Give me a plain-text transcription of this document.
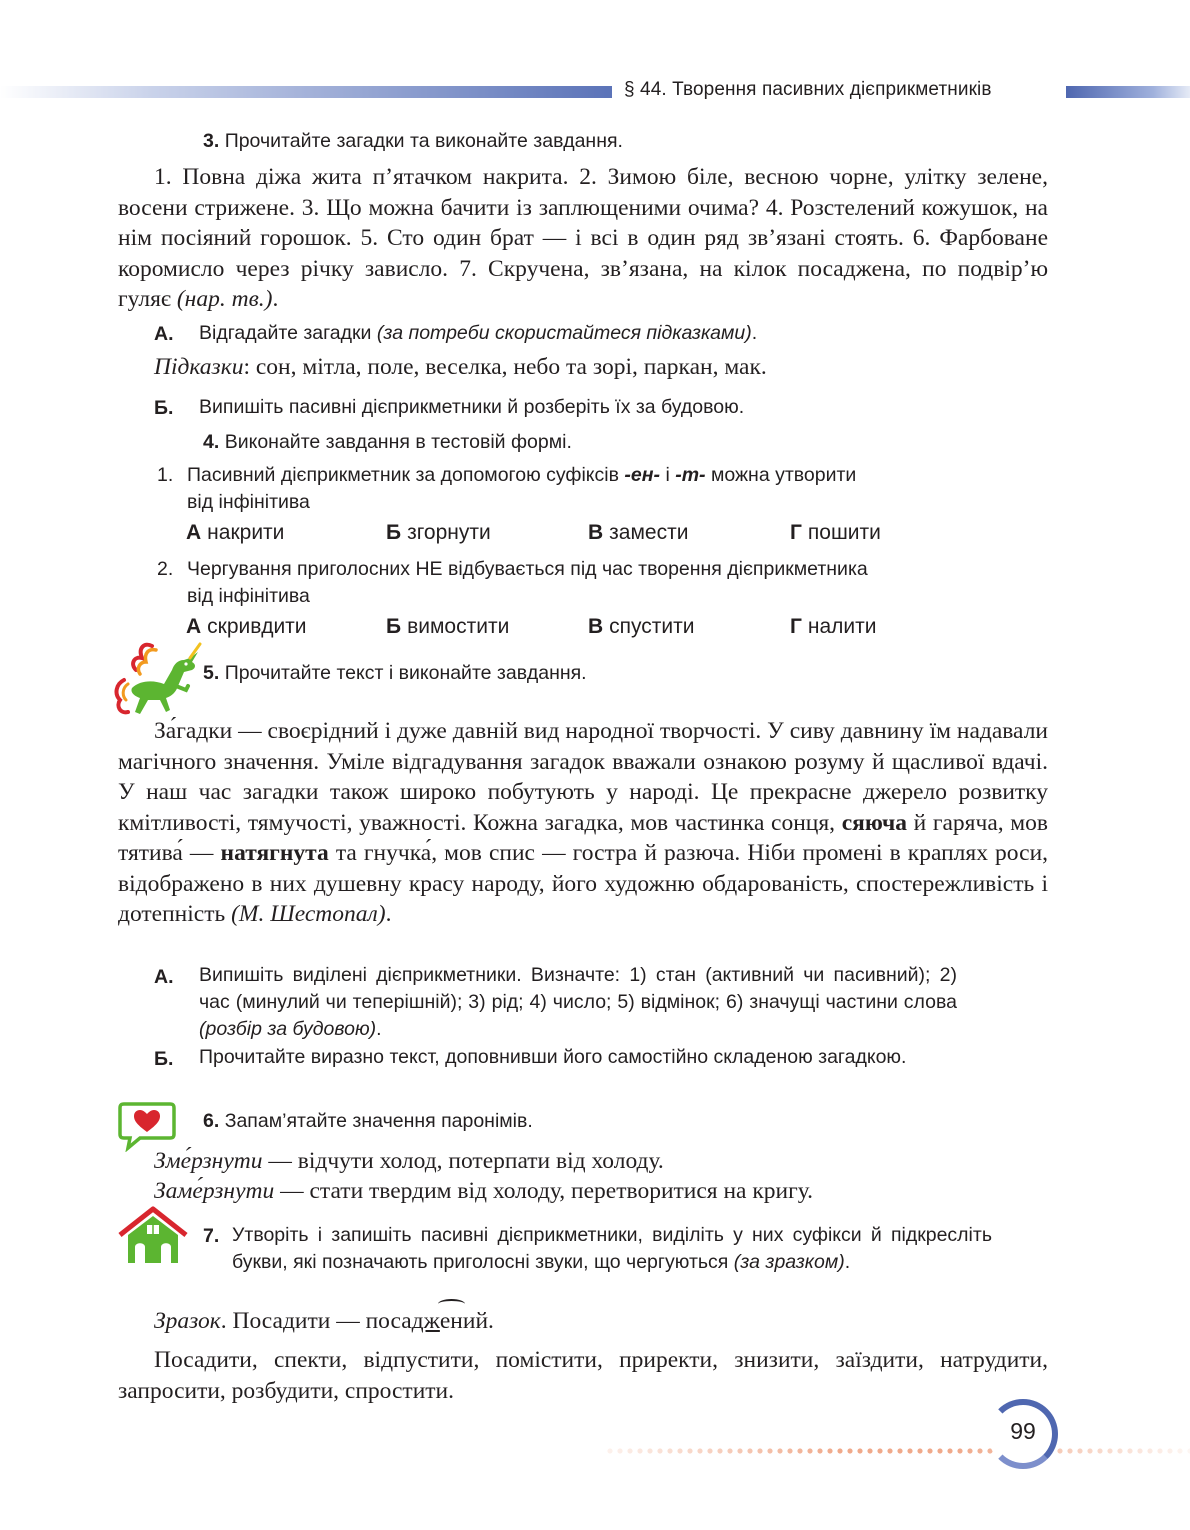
§ 44. Творення пасивних дієприкметників
3. Прочитайте загадки та виконайте завдання.
1. Повна діжа жита п’ятачком накрита. 2. Зимою біле, весною чорне, улітку зелене, восени стрижене. 3. Що можна бачити із заплющеними очима? 4. Розстелений кожушок, на нім посіяний горошок. 5. Сто один брат — і всі в один ряд зв’язані стоять. 6. Фарбоване коромисло через річку зависло. 7. Скручена, зв’язана, на кілок посаджена, по подвір’ю гуляє (нар. тв.).
А. Відгадайте загадки (за потреби скористайтеся підказками).
Підказки: сон, мітла, поле, веселка, небо та зорі, паркан, мак.
Б. Випишіть пасивні дієприкметники й розберіть їх за будовою.
4. Виконайте завдання в тестовій формі.
1. Пасивний дієприкметник за допомогою суфіксів -ен- і -т- можна утворити
від інфінітива
А накрити	Б згорнути	В замести	Г пошити
2. Чергування приголосних НЕ відбувається під час творення дієприкметника
від інфінітива
А скривдити	Б вимостити	В спустити	Г налити
5. Прочитайте текст і виконайте завдання.
За́гадки — своєрідний і дуже давній вид народної творчості. У сиву давнину їм надавали магічного значення. Уміле відгадування загадок вважали ознакою розуму й щасливої вдачі. У наш час загадки також широко побутують у народі. Це прекрасне джерело розвитку кмітливості, тямучості, уважності. Кожна загадка, мов частинка сонця, сяюча й гаряча, мов тятива́ — натягнута та гнучка́, мов спис — гостра й разюча. Ніби промені в краплях роси, відображено в них душевну красу народу, його художню обдарованість, спостережливість і дотепність (М. Шестопал).
А. Випишіть виділені дієприкметники. Визначте: 1) стан (активний чи пасивний); 2) час (минулий чи теперішній); 3) рід; 4) число; 5) відмінок; 6) значущі частини слова (розбір за будовою).
Б. Прочитайте виразно текст, доповнивши його самостійно складеною загадкою.
6. Запам’ятайте значення паронімів.
Зме́рзнути — відчути холод, потерпати від холоду.
Заме́рзнути — стати твердим від холоду, перетворитися на кригу.
7. Утворіть і запишіть пасивні дієприкметники, виділіть у них суфікси й підкресліть букви, які позначають приголосні звуки, що чергуються (за зразком).
Зразок. Посадити — посаджений.
Посадити, спекти, відпустити, помістити, приректи, знизити, заїздити, натрудити, запросити, розбудити, спростити.
99
